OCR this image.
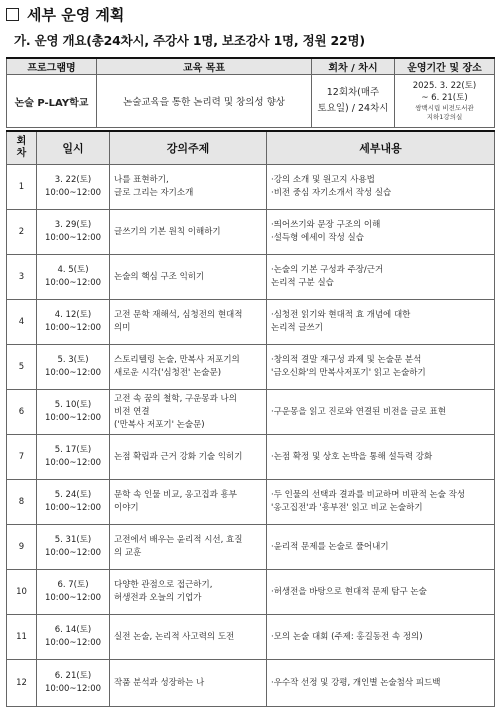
세부 운영 계획
가. 운영 개요(총24차시, 주강사 1명, 보조강사 1명, 정원 22명)
프로그램명	교육 목표	회차 / 차시	운영기간 및 장소
논술 P-LAY학교	논술교육을 통한 논리력 및 창의성 향상	12회차(매주
토요일) / 24차시	2025. 3. 22(토)
~ 6. 21(토)
쌍백시립 비전도서관
지하1강의실
회
차	일시	강의주제	세부내용
1	3. 22(토)
10:00~12:00	나를 표현하기,
글로 그리는 자기소개	·강의 소개 및 원고지 사용법
·비전 중심 자기소개서 작성 실습

2	3. 29(토)
10:00~12:00	글쓰기의 기본 원칙 이해하기	·띄어쓰기와 문장 구조의 이해
·설득형 에세이 작성 실습

3	4. 5(토)
10:00~12:00	논술의 핵심 구조 익히기	·논술의 기본 구성과 주장/근거
논리적 구분 실습

4	4. 12(토)
10:00~12:00	고전 문학 재해석, 심청전의 현대적
의미	·심청전 읽기와 현대적 효 개념에 대한
논리적 글쓰기

5	5. 3(토)
10:00~12:00	스토리텔링 논술, 만복사 저포기의
새로운 시각('심청전' 논술문)	·창의적 결말 재구성 과제 및 논술문 분석
'금오신화'의 만복사저포기' 읽고 논술하기

6	5. 10(토)
10:00~12:00	고전 속 꿈의 철학, 구운몽과 나의
비전 연결
('만복사 저포기' 논술문)	·구운몽을 읽고 진로와 연결된 비전을 글로 표현

7	5. 17(토)
10:00~12:00	논점 확립과 근거 강화 기술 익히기	·논점 확정 및 상호 논박을 통해 설득력 강화

8	5. 24(토)
10:00~12:00	문학 속 인물 비교, 옹고집과 흥부
이야기	·두 인물의 선택과 결과를 비교하며 비판적 논술 작성
'옹고집전'과 '흥부전' 읽고 비교 논술하기

9	5. 31(토)
10:00~12:00	고전에서 배우는 윤리적 시선, 효질
의 교훈	·윤리적 문제를 논술로 풀어내기

10	6. 7(토)
10:00~12:00	다양한 관점으로 접근하기,
허생전과 오늘의 기업가	·허생전을 바탕으로 현대적 문제 탐구 논술

11	6. 14(토)
10:00~12:00	실전 논술, 논리적 사고력의 도전	·모의 논술 대회 (주제: 홍길동전 속 정의)

12	6. 21(토)
10:00~12:00	작품 분석과 성장하는 나	·우수작 선정 및 강평, 개인별 논술첨삭 피드백
